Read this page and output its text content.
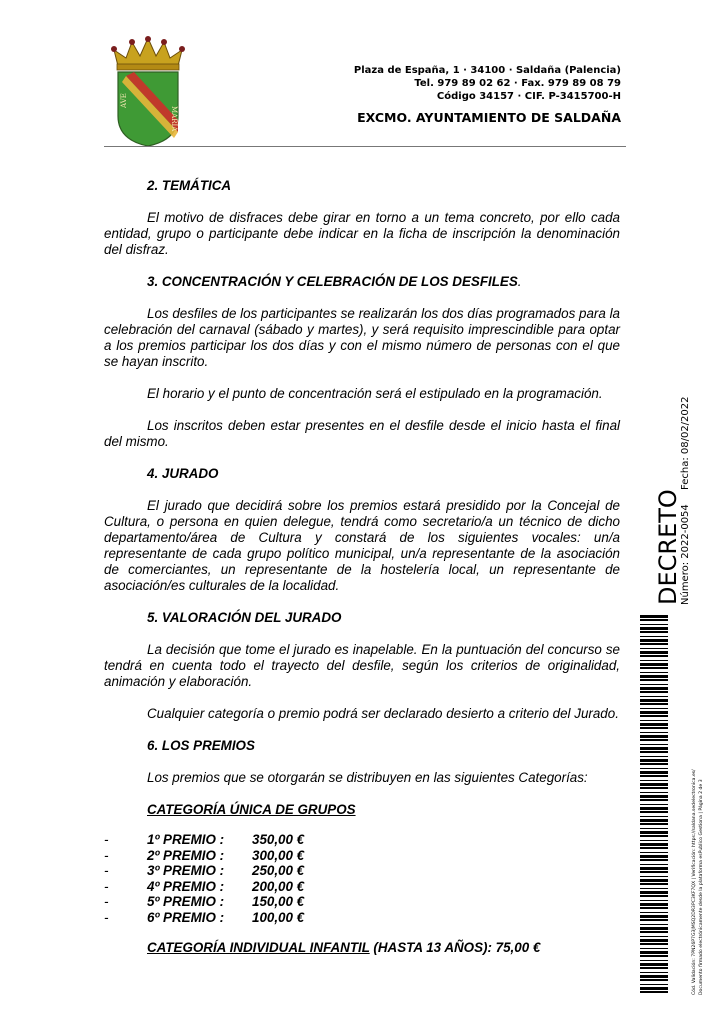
AVE
MARIA
Plaza de España, 1 · 34100 · Saldaña (Palencia)
Tel. 979 89 02 62 · Fax. 979 89 08 79
Código 34157 · CIF. P-3415700-H
EXCMO. AYUNTAMIENTO DE SALDAÑA

2. TEMÁTICA

El motivo de disfraces debe girar en torno a un tema concreto, por ello cada entidad, grupo o participante debe indicar en la ficha de inscripción la denominación del disfraz.

3. CONCENTRACIÓN Y CELEBRACIÓN DE LOS DESFILES.

Los desfiles de los participantes se realizarán los dos días programados para la celebración del carnaval (sábado y martes), y será requisito imprescindible para optar a los premios participar los dos días y con el mismo número de personas con el que se hayan inscrito.

El horario y el punto de concentración será el estipulado en la programación.

Los inscritos deben estar presentes en el desfile desde el inicio hasta el final del mismo.

4. JURADO

El jurado que decidirá sobre los premios estará presidido por la Concejal de Cultura, o persona en quien delegue, tendrá como secretario/a un técnico de dicho departamento/área de Cultura y constará de los siguientes vocales: un/a representante de cada grupo político municipal, un/a representante de la asociación de comerciantes, un representante de la hostelería local, un representante de asociación/es culturales de la localidad.

5. VALORACIÓN DEL JURADO

La decisión que tome el jurado es inapelable. En la puntuación del concurso se tendrá en cuenta todo el trayecto del desfile, según los criterios de originalidad, animación y elaboración.

Cualquier categoría o premio podrá ser declarado desierto a criterio del Jurado.

6. LOS PREMIOS

Los premios que se otorgarán se distribuyen en las siguientes Categorías:

CATEGORÍA ÚNICA DE GRUPOS

-	1º PREMIO :	350,00 €
-	2º PREMIO :	300,00 €
-	3º PREMIO :	250,00 €
-	4º PREMIO :	200,00 €
-	5º PREMIO :	150,00 €
-	6º PREMIO :	100,00 €

CATEGORÍA INDIVIDUAL INFANTIL (HASTA 13 AÑOS): 75,00 €

DECRETO
Número: 2022-0054
Fecha: 08/02/2022
Cód. Validación: 7PN26P7G3JMSQ2DR3PC3KF7QX | Verificación: https://saldana.sedelectronica.es/ Documento firmado electrónicamente desde la plataforma esPublico Gestiona | Página 2 de 3
